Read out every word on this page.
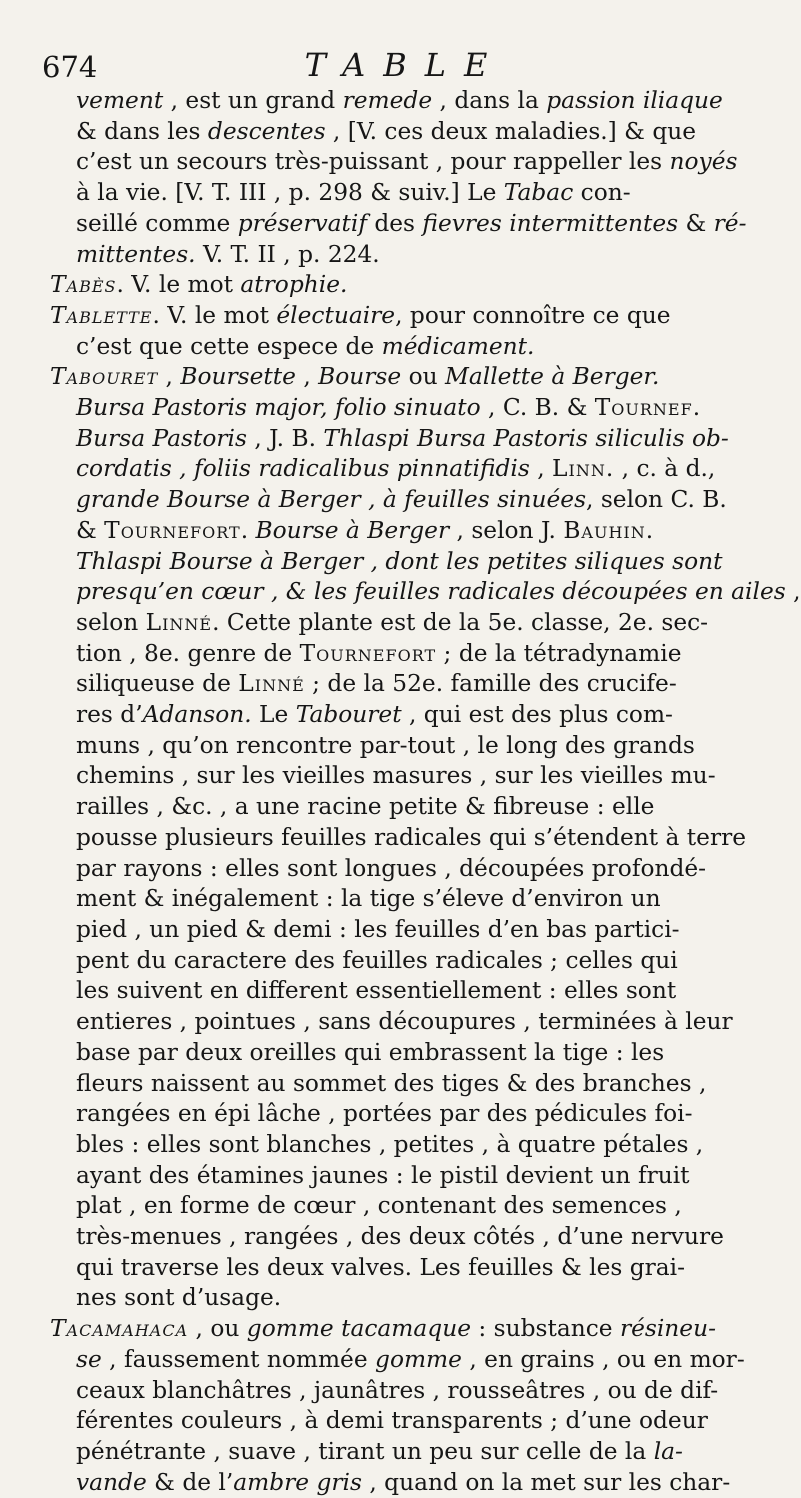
674	TABLE
vement , est un grand remede , dans la passion iliaque
& dans les descentes , [V. ces deux maladies.] & que
c’est un secours très-puissant , pour rappeller les noyés
à la vie. [V. T. III , p. 298 & suiv.] Le Tabac con-
seillé comme préservatif des fievres intermittentes & ré-
mittentes. V. T. II , p. 224.
Tabès. V. le mot atrophie.
Tablette. V. le mot électuaire, pour connoître ce que
c’est que cette espece de médicament.
Tabouret , Boursette , Bourse ou Mallette à Berger.
Bursa Pastoris major, folio sinuato , C. B. & Tournef.
Bursa Pastoris , J. B. Thlaspi Bursa Pastoris siliculis ob-
cordatis , foliis radicalibus pinnatifidis , Linn. , c. à d.,
grande Bourse à Berger , à feuilles sinuées, selon C. B.
& Tournefort. Bourse à Berger , selon J. Bauhin.
Thlaspi Bourse à Berger , dont les petites siliques sont
presqu’en cœur , & les feuilles radicales découpées en ailes ,
selon Linné. Cette plante est de la 5e. classe, 2e. sec-
tion , 8e. genre de Tournefort ; de la tétradynamie
siliqueuse de Linné ; de la 52e. famille des crucife-
res d’Adanson. Le Tabouret , qui est des plus com-
muns , qu’on rencontre par-tout , le long des grands
chemins , sur les vieilles masures , sur les vieilles mu-
railles , &c. , a une racine petite & fibreuse : elle
pousse plusieurs feuilles radicales qui s’étendent à terre
par rayons : elles sont longues , découpées profondé-
ment & inégalement : la tige s’éleve d’environ un
pied , un pied & demi : les feuilles d’en bas partici-
pent du caractere des feuilles radicales ; celles qui
les suivent en different essentiellement : elles sont
entieres , pointues , sans découpures , terminées à leur
base par deux oreilles qui embrassent la tige : les
fleurs naissent au sommet des tiges & des branches ,
rangées en épi lâche , portées par des pédicules foi-
bles : elles sont blanches , petites , à quatre pétales ,
ayant des étamines jaunes : le pistil devient un fruit
plat , en forme de cœur , contenant des semences ,
très-menues , rangées , des deux côtés , d’une nervure
qui traverse les deux valves. Les feuilles & les grai-
nes sont d’usage.
Tacamahaca , ou gomme tacamaque : substance résineu-
se , faussement nommée gomme , en grains , ou en mor-
ceaux blanchâtres , jaunâtres , rousseâtres , ou de dif-
férentes couleurs , à demi transparents ; d’une odeur
pénétrante , suave , tirant un peu sur celle de la la-
vande & de l’ambre gris , quand on la met sur les char-
